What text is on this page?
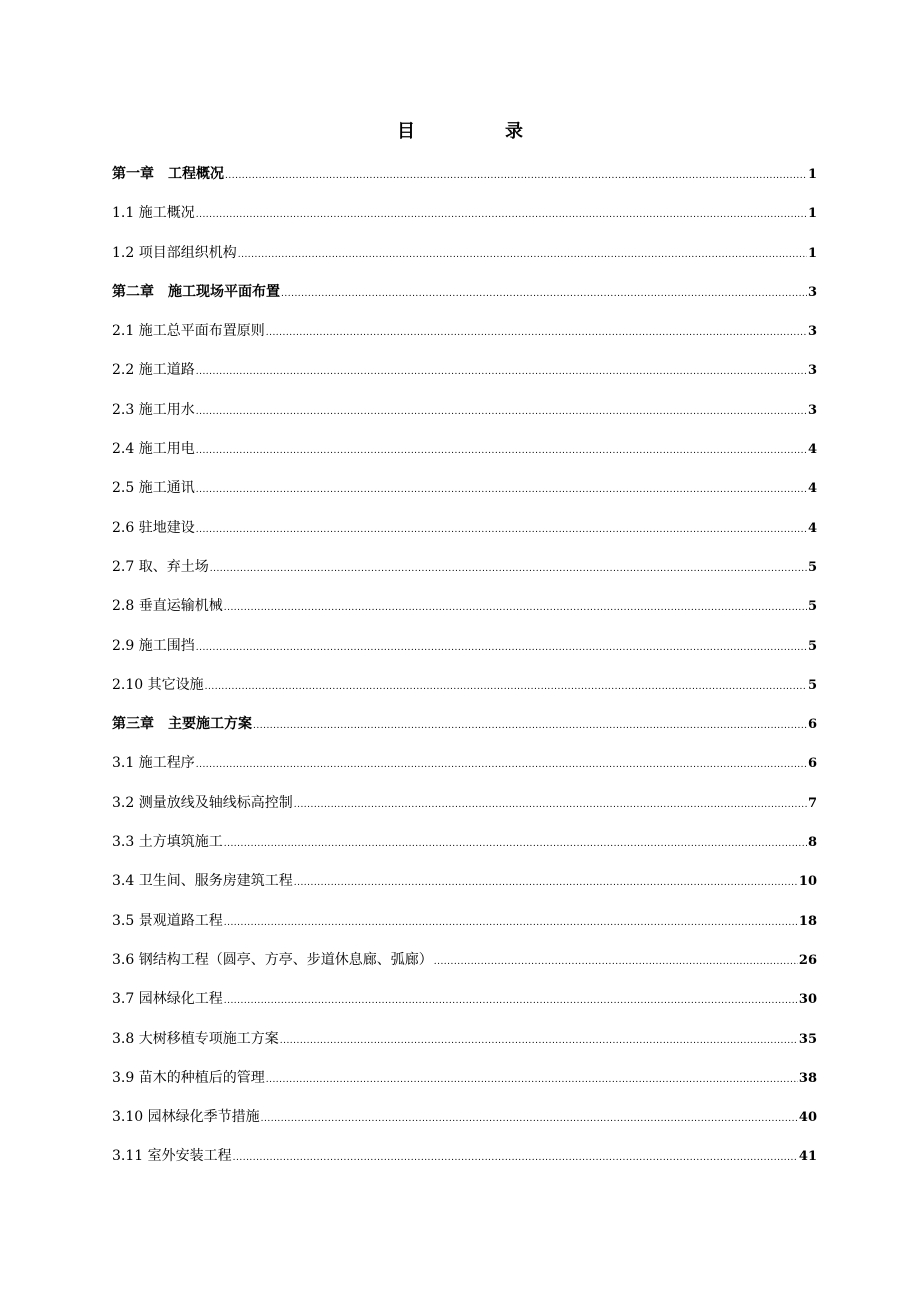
目　录
第一章　工程概况 .....	1
1.1 施工概况 .....	1
1.2 项目部组织机构 .....	1
第二章　施工现场平面布置 .....	3
2.1 施工总平面布置原则 .....	3
2.2 施工道路 .....	3
2.3 施工用水 .....	3
2.4 施工用电 .....	4
2.5 施工通讯 .....	4
2.6 驻地建设 .....	4
2.7 取、弃土场 .....	5
2.8 垂直运输机械 .....	5
2.9 施工围挡 .....	5
2.10 其它设施 .....	5
第三章　主要施工方案 .....	6
3.1 施工程序 .....	6
3.2 测量放线及轴线标高控制 .....	7
3.3 土方填筑施工 .....	8
3.4 卫生间、服务房建筑工程 .....	10
3.5 景观道路工程 .....	18
3.6 钢结构工程（圆亭、方亭、步道休息廊、弧廊） .....	26
3.7 园林绿化工程 .....	30
3.8 大树移植专项施工方案 .....	35
3.9 苗木的种植后的管理 .....	38
3.10 园林绿化季节措施 .....	40
3.11 室外安装工程 .....	41
